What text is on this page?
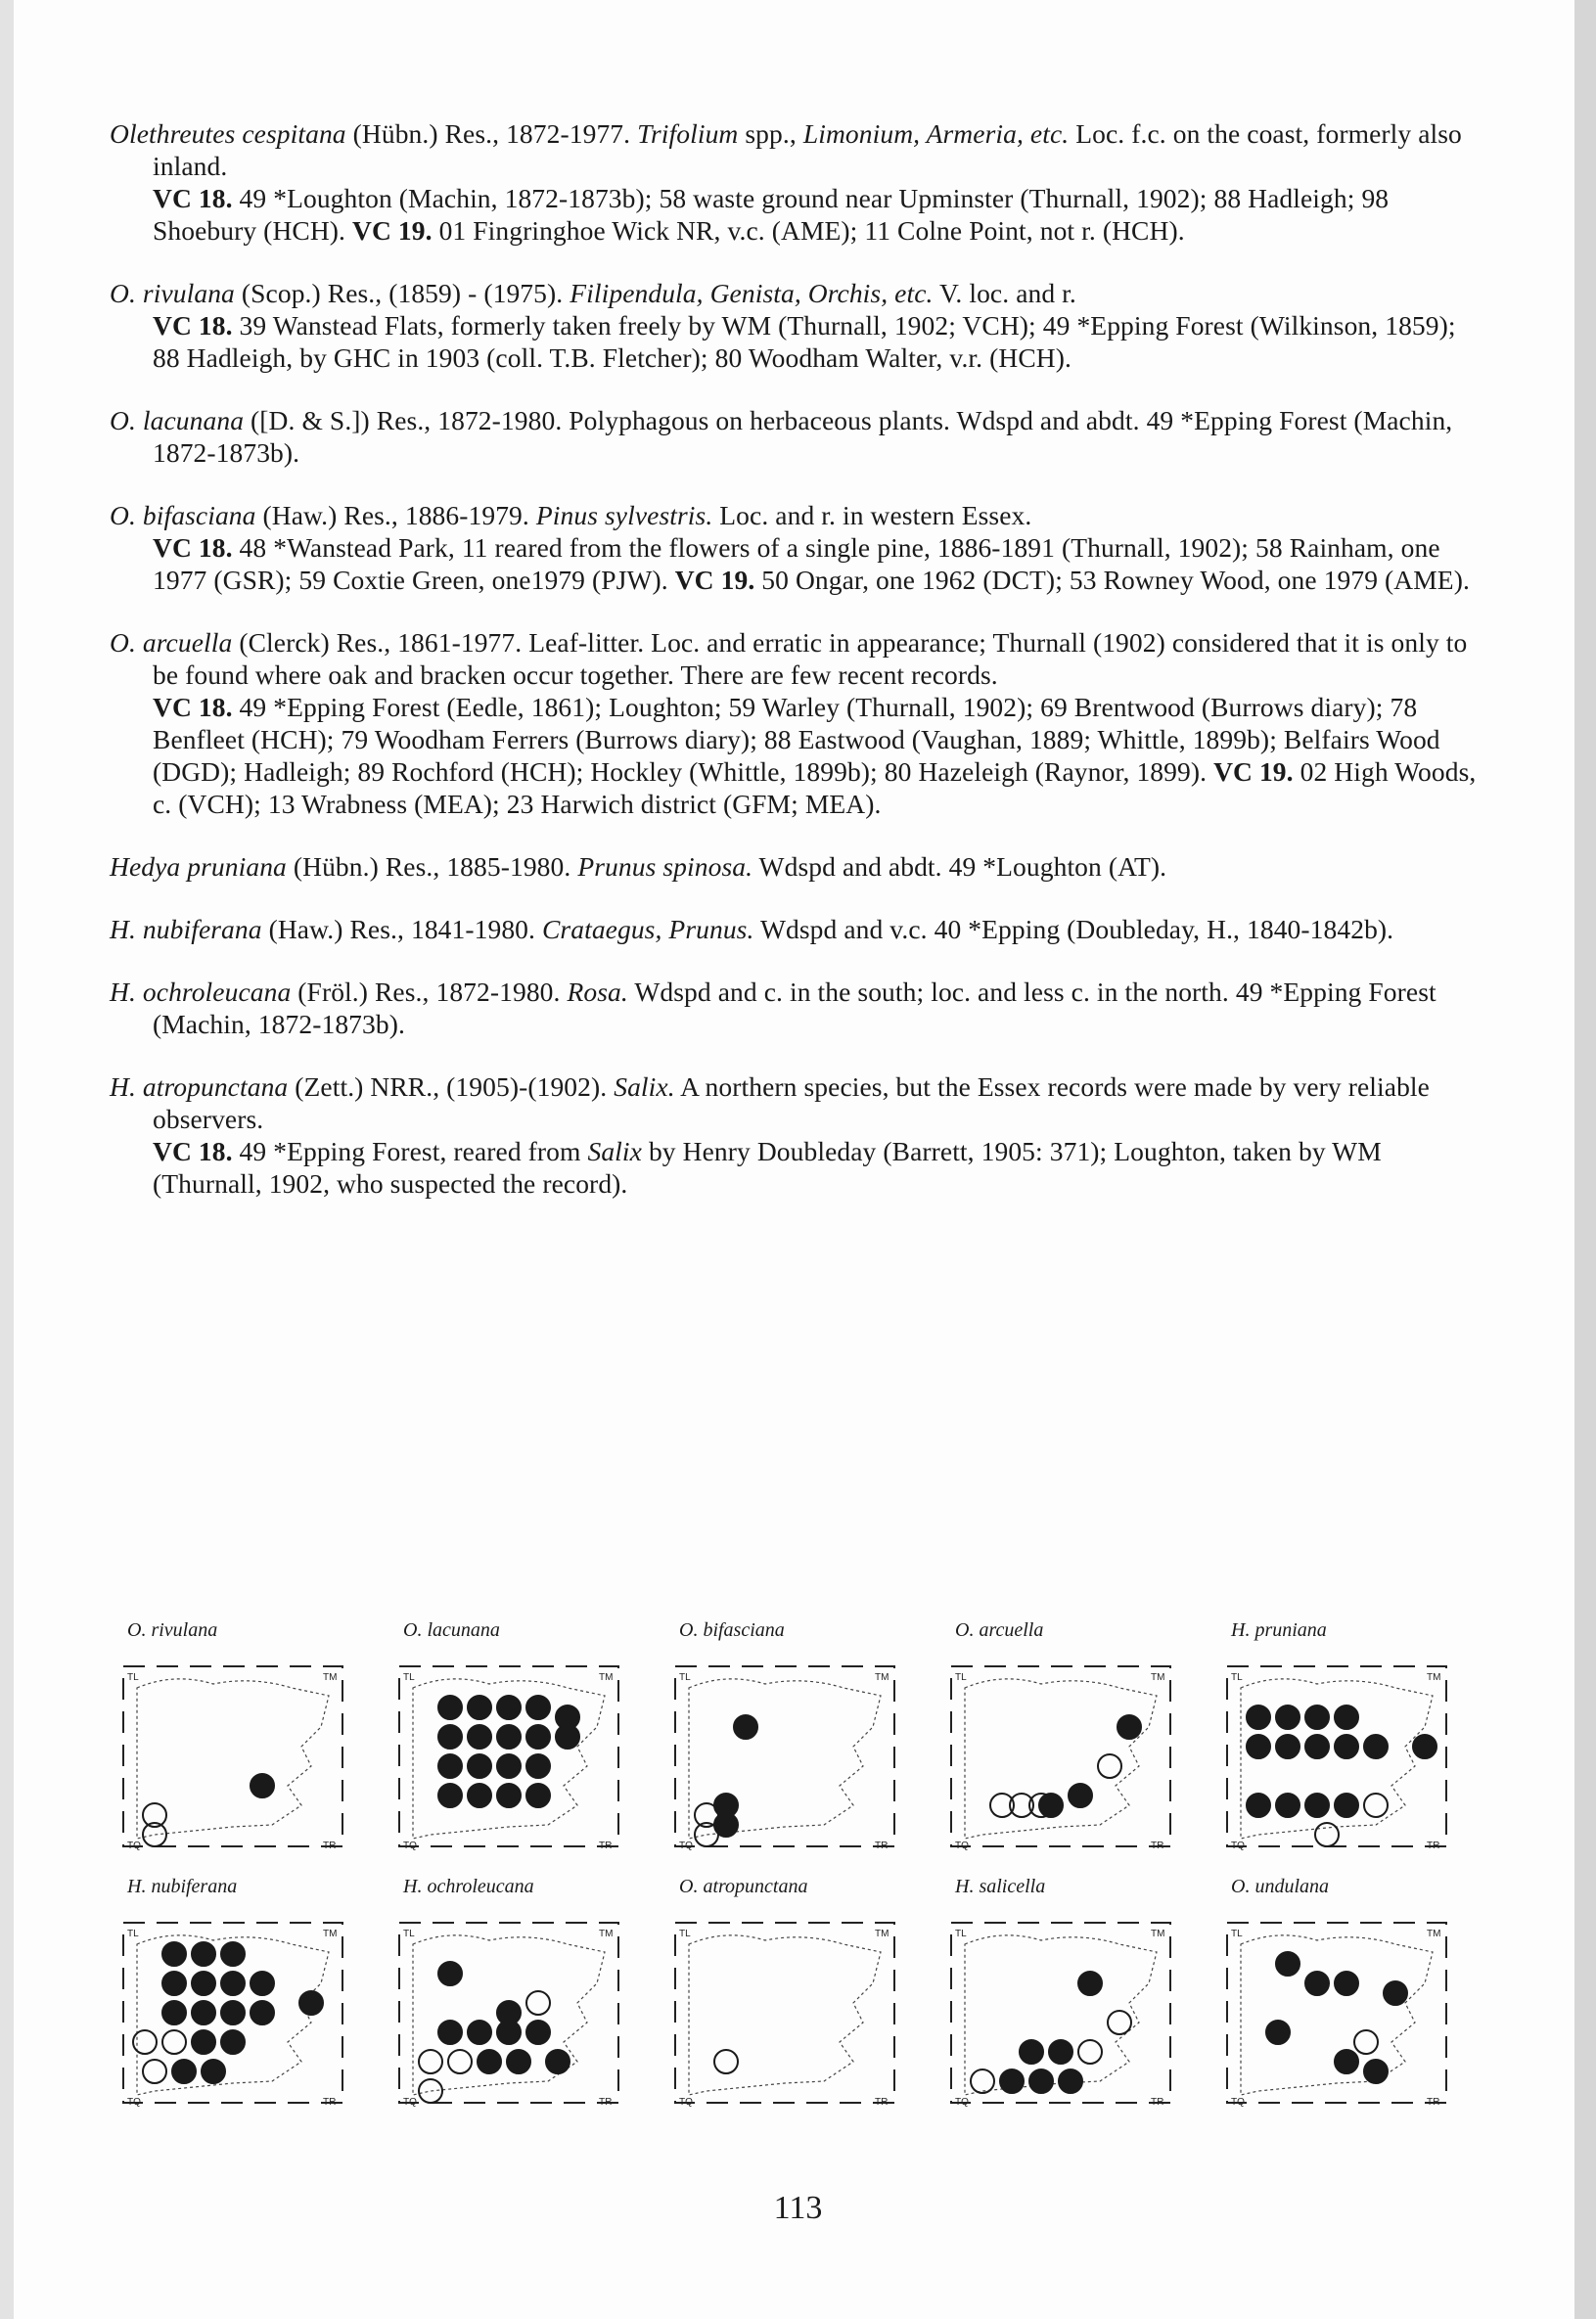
Olethreutes cespitana (Hübn.) Res., 1872-1977. Trifolium spp., Limonium, Armeria, etc. Loc. f.c. on the coast, formerly also inland.

VC 18. 49 *Loughton (Machin, 1872-1873b); 58 waste ground near Upminster (Thurnall, 1902); 88 Hadleigh; 98 Shoebury (HCH). VC 19. 01 Fingringhoe Wick NR, v.c. (AME); 11 Colne Point, not r. (HCH).

O. rivulana (Scop.) Res., (1859) - (1975). Filipendula, Genista, Orchis, etc. V. loc. and r.

VC 18. 39 Wanstead Flats, formerly taken freely by WM (Thurnall, 1902; VCH); 49 *Epping Forest (Wilkinson, 1859); 88 Hadleigh, by GHC in 1903 (coll. T.B. Fletcher); 80 Woodham Walter, v.r. (HCH).

O. lacunana ([D. & S.]) Res., 1872-1980. Polyphagous on herbaceous plants. Wdspd and abdt. 49 *Epping Forest (Machin, 1872-1873b).

O. bifasciana (Haw.) Res., 1886-1979. Pinus sylvestris. Loc. and r. in western Essex.

VC 18. 48 *Wanstead Park, 11 reared from the flowers of a single pine, 1886-1891 (Thurnall, 1902); 58 Rainham, one 1977 (GSR); 59 Coxtie Green, one1979 (PJW). VC 19. 50 Ongar, one 1962 (DCT); 53 Rowney Wood, one 1979 (AME).

O. arcuella (Clerck) Res., 1861-1977. Leaf-litter. Loc. and erratic in appearance; Thurnall (1902) considered that it is only to be found where oak and bracken occur together. There are few recent records.

VC 18. 49 *Epping Forest (Eedle, 1861); Loughton; 59 Warley (Thurnall, 1902); 69 Brentwood (Burrows diary); 78 Benfleet (HCH); 79 Woodham Ferrers (Burrows diary); 88 Eastwood (Vaughan, 1889; Whittle, 1899b); Belfairs Wood (DGD); Hadleigh; 89 Rochford (HCH); Hockley (Whittle, 1899b); 80 Hazeleigh (Raynor, 1899). VC 19. 02 High Woods, c. (VCH); 13 Wrabness (MEA); 23 Harwich district (GFM; MEA).

Hedya pruniana (Hübn.) Res., 1885-1980. Prunus spinosa. Wdspd and abdt. 49 *Loughton (AT).

H. nubiferana (Haw.) Res., 1841-1980. Crataegus, Prunus. Wdspd and v.c. 40 *Epping (Doubleday, H., 1840-1842b).

H. ochroleucana (Fröl.) Res., 1872-1980. Rosa. Wdspd and c. in the south; loc. and less c. in the north. 49 *Epping Forest (Machin, 1872-1873b).

H. atropunctana (Zett.) NRR., (1905)-(1902). Salix. A northern species, but the Essex records were made by very reliable observers.

VC 18. 49 *Epping Forest, reared from Salix by Henry Doubleday (Barrett, 1905: 371); Loughton, taken by WM (Thurnall, 1902, who suspected the record).

O. rivulana
TL	TM
TQ	TR
O. lacunana
TL	TM
TQ	TR
O. bifasciana
TL	TM
TQ	TR
O. arcuella
TL	TM
TQ	TR
H. pruniana
TL	TM
TQ	TR
H. nubiferana
TL	TM
TQ	TR
H. ochroleucana
TL	TM
TQ	TR
O. atropunctana
TL	TM
TQ	TR
H. salicella
TL	TM
TQ	TR
O. undulana
TL	TM
TQ	TR
113
